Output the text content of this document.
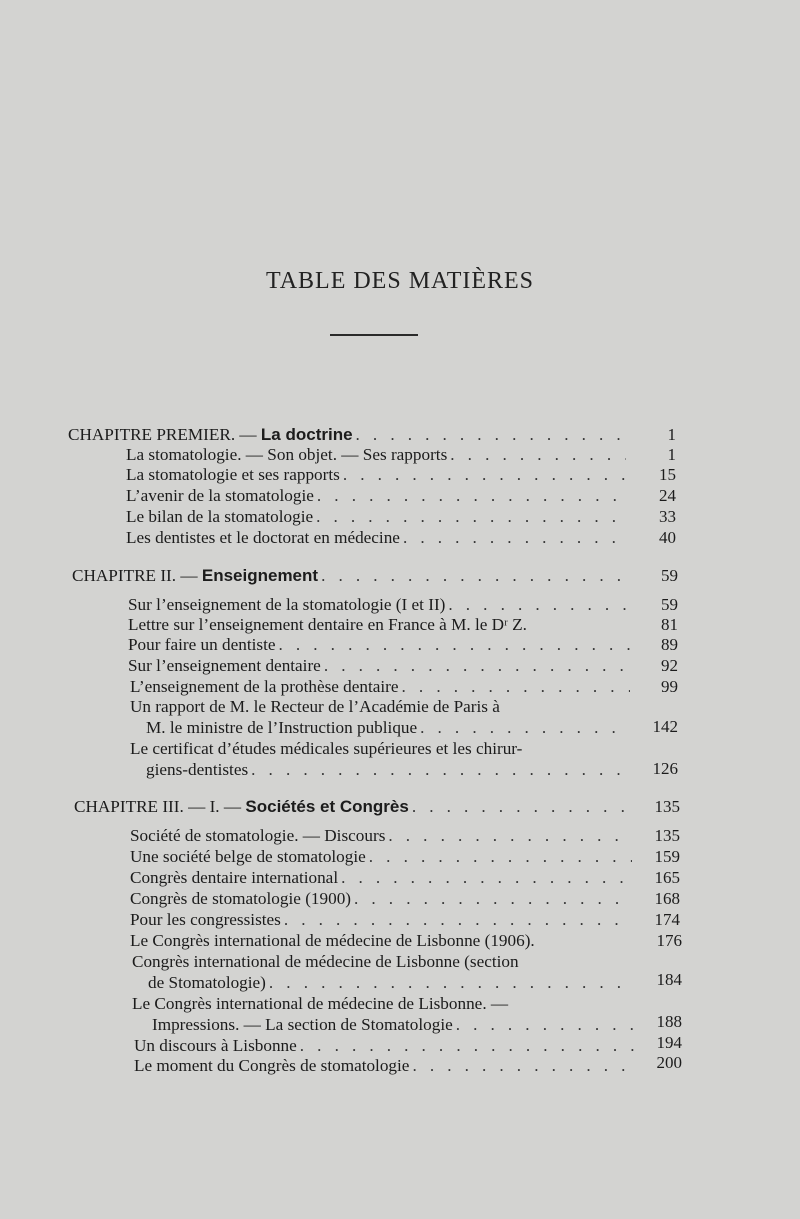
TABLE DES MATIÈRES
CHAPITRE PREMIER. — La doctrine . . .	1
La stomatologie. — Son objet. — Ses rapports . . .	1
La stomatologie et ses rapports . . .	15
L’avenir de la stomatologie . . .	24
Le bilan de la stomatologie . . .	33
Les dentistes et le doctorat en médecine . . .	40
CHAPITRE II. — Enseignement . . .	59
Sur l’enseignement de la stomatologie (I et II) . . .	59
Lettre sur l’enseignement dentaire en France à M. le Dʳ Z.	81
Pour faire un dentiste . . .	89
Sur l’enseignement dentaire . . .	92
L’enseignement de la prothèse dentaire . . .	99
Un rapport de M. le Recteur de l’Académie de Paris à
M. le ministre de l’Instruction publique . . .	142
Le certificat d’études médicales supérieures et les chirur-
giens-dentistes . . .	126
CHAPITRE III. — I. — Sociétés et Congrès . . .	135
Société de stomatologie. — Discours . . .	135
Une société belge de stomatologie . . .	159
Congrès dentaire international . . .	165
Congrès de stomatologie (1900) . . .	168
Pour les congressistes . . .	174
Le Congrès international de médecine de Lisbonne (1906).	176
Congrès international de médecine de Lisbonne (section
de Stomatologie) . . .	184
Le Congrès international de médecine de Lisbonne. —
Impressions. — La section de Stomatologie . . .	188
Un discours à Lisbonne . . .	194
Le moment du Congrès de stomatologie . . .	200
